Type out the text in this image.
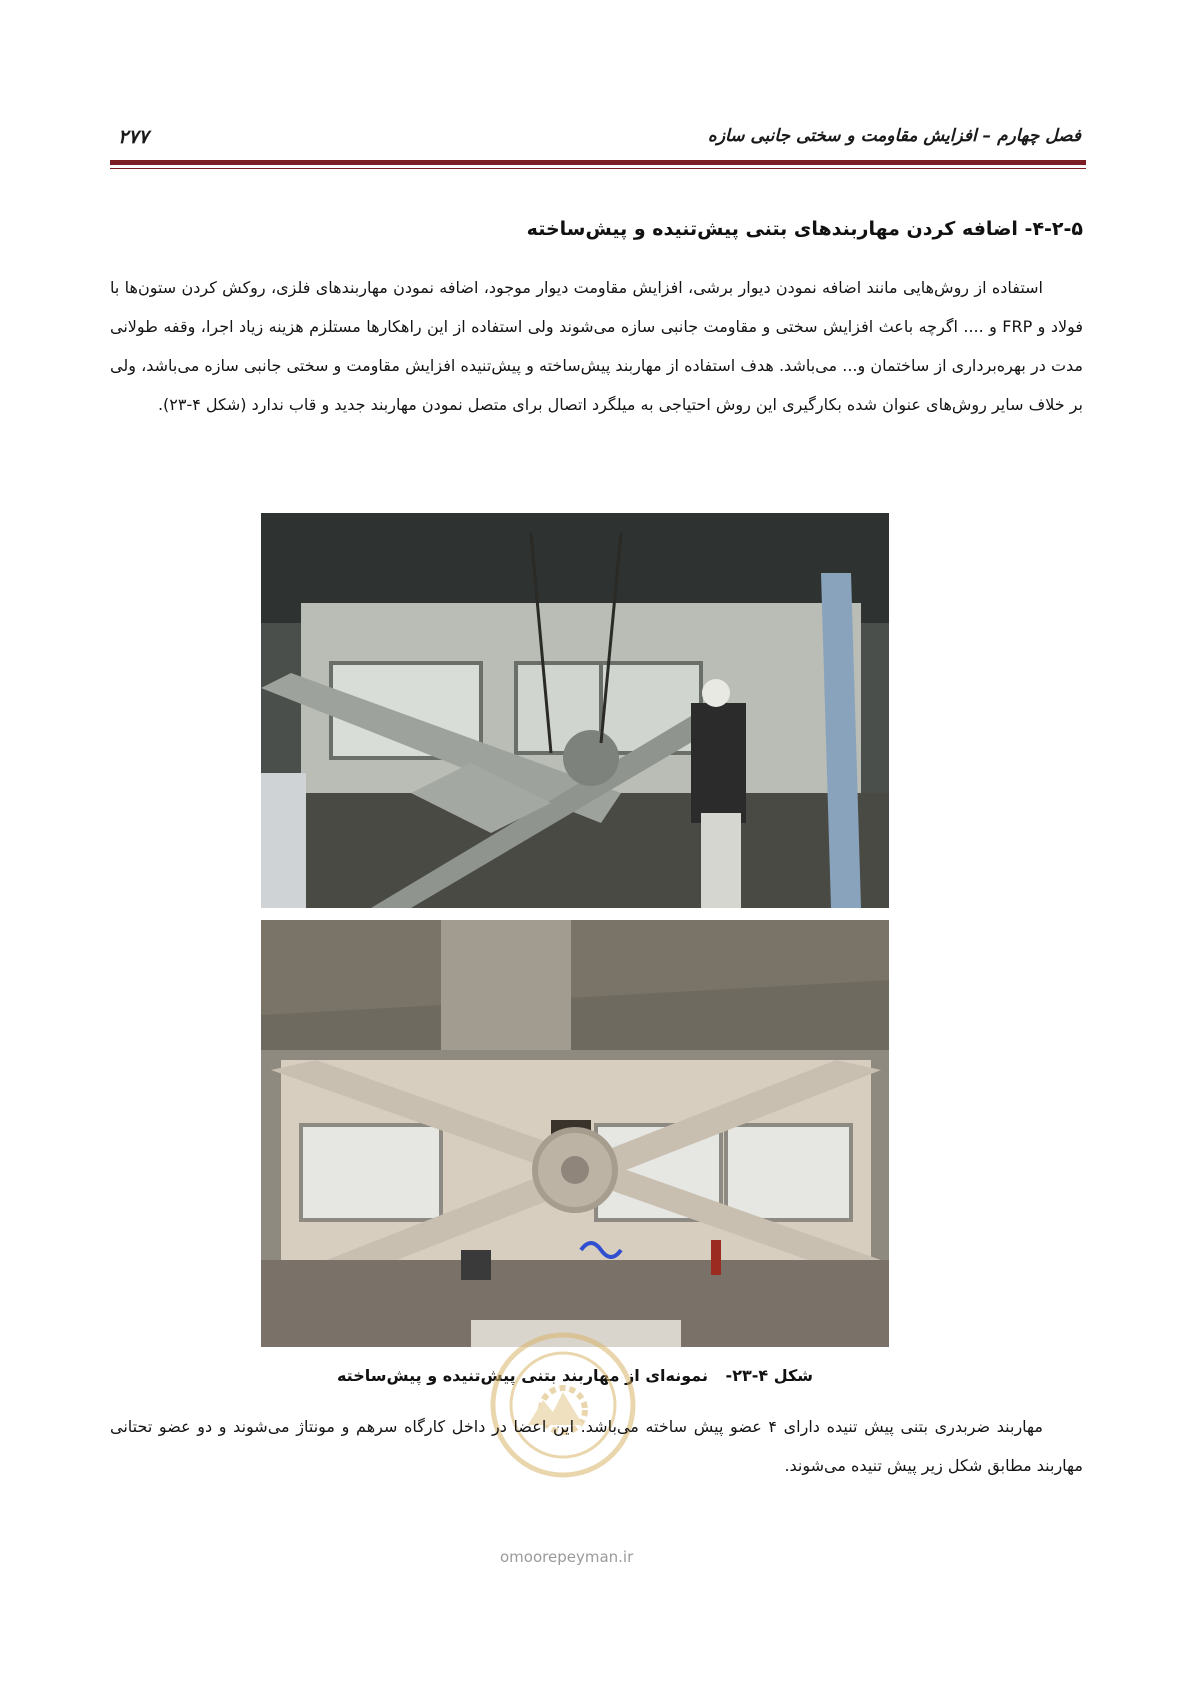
فصل چهارم – افزایش مقاومت و سختی جانبی سازه
۲۷۷
۴-۲-۵- اضافه کردن مهاربندهای بتنی پیش‌تنیده و پیش‌ساخته

استفاده از روش‌هایی مانند اضافه نمودن دیوار برشی، افزایش مقاومت دیوار موجود، اضافه نمودن مهاربندهای فلزی، روکش کردن ستون‌ها با فولاد و FRP و .... اگرچه باعث افزایش سختی و مقاومت جانبی سازه می‌شوند ولی استفاده از این راهکارها مستلزم هزینه زیاد اجرا، وقفه طولانی مدت در بهره‌برداری از ساختمان و... می‌باشد. هدف استفاده از مهاربند پیش‌ساخته و پیش‌تنیده افزایش مقاومت و سختی جانبی سازه می‌باشد، ولی بر خلاف سایر روش‌های عنوان شده بکارگیری این روش احتیاجی به میلگرد اتصال برای متصل نمودن مهاربند جدید و قاب ندارد (شکل ۴-۲۳).

شکل ۴-۲۳- نمونه‌ای از مهاربند بتنی پیش‌تنیده و پیش‌ساخته

مهاربند ضربدری بتنی پیش تنیده دارای ۴ عضو پیش ساخته می‌باشد. این اعضا در داخل کارگاه سرهم و مونتاژ می‌شوند و دو عضو تحتانی مهاربند مطابق شکل زیر پیش تنیده می‌شوند.

omoorepeyman.ir
